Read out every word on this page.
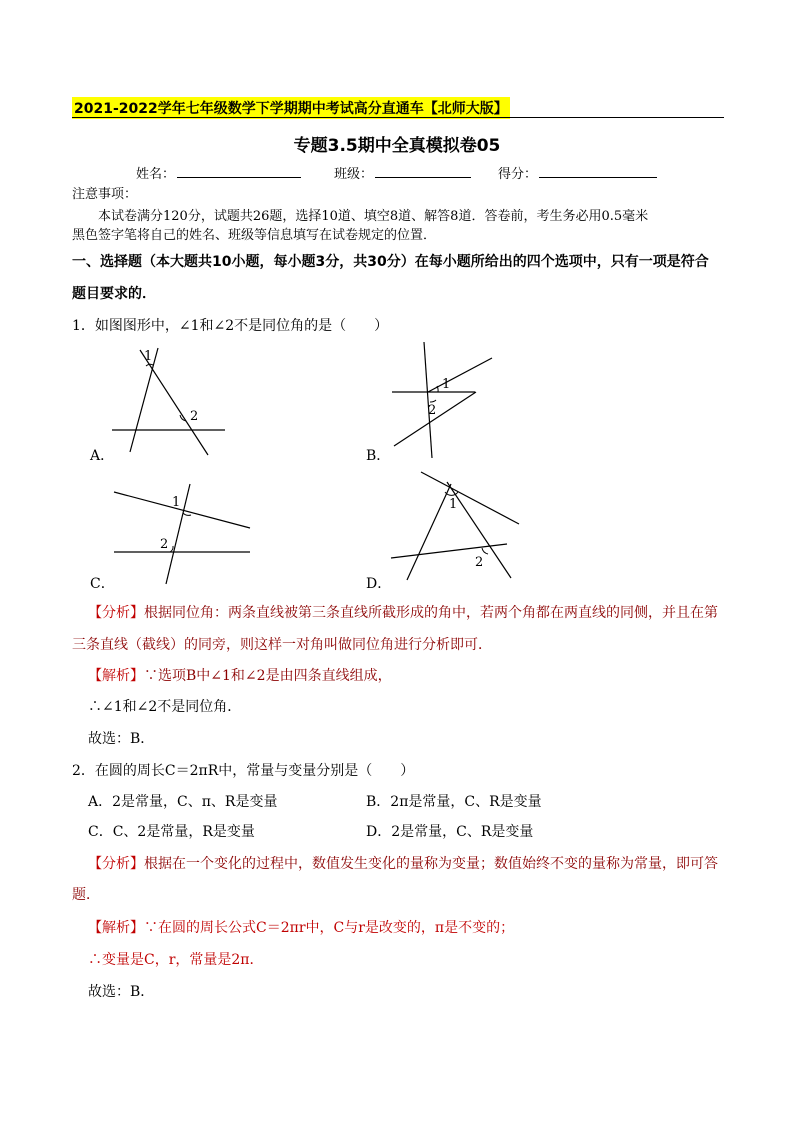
2021-2022学年七年级数学下学期期中考试高分直通车【北师大版】
专题3.5期中全真模拟卷05
姓名：	班级：	得分：
注意事项：
本试卷满分120分，试题共26题，选择10道、填空8道、解答8道．答卷前，考生务必用0.5毫米
黑色签字笔将自己的姓名、班级等信息填写在试卷规定的位置．
一、选择题（本大题共10小题，每小题3分，共30分）在每小题所给出的四个选项中，只有一项是符合
题目要求的．
1．如图图形中，∠1和∠2不是同位角的是（　　）
1
2
A．
1
2
B．
1
2
C．
1
2
D．
【分析】根据同位角：两条直线被第三条直线所截形成的角中，若两个角都在两直线的同侧，并且在第
三条直线（截线）的同旁，则这样一对角叫做同位角进行分析即可．
【解析】∵选项B中∠1和∠2是由四条直线组成，
∴∠1和∠2不是同位角．
故选：B．
2．在圆的周长C＝2πR中，常量与变量分别是（　　）
A．2是常量，C、π、R是变量	B．2π是常量，C、R是变量
C．C、2是常量，R是变量	D．2是常量，C、R是变量
【分析】根据在一个变化的过程中，数值发生变化的量称为变量；数值始终不变的量称为常量，即可答
题．
【解析】∵在圆的周长公式C＝2πr中，C与r是改变的，π是不变的；
∴变量是C，r，常量是2π．
故选：B．
